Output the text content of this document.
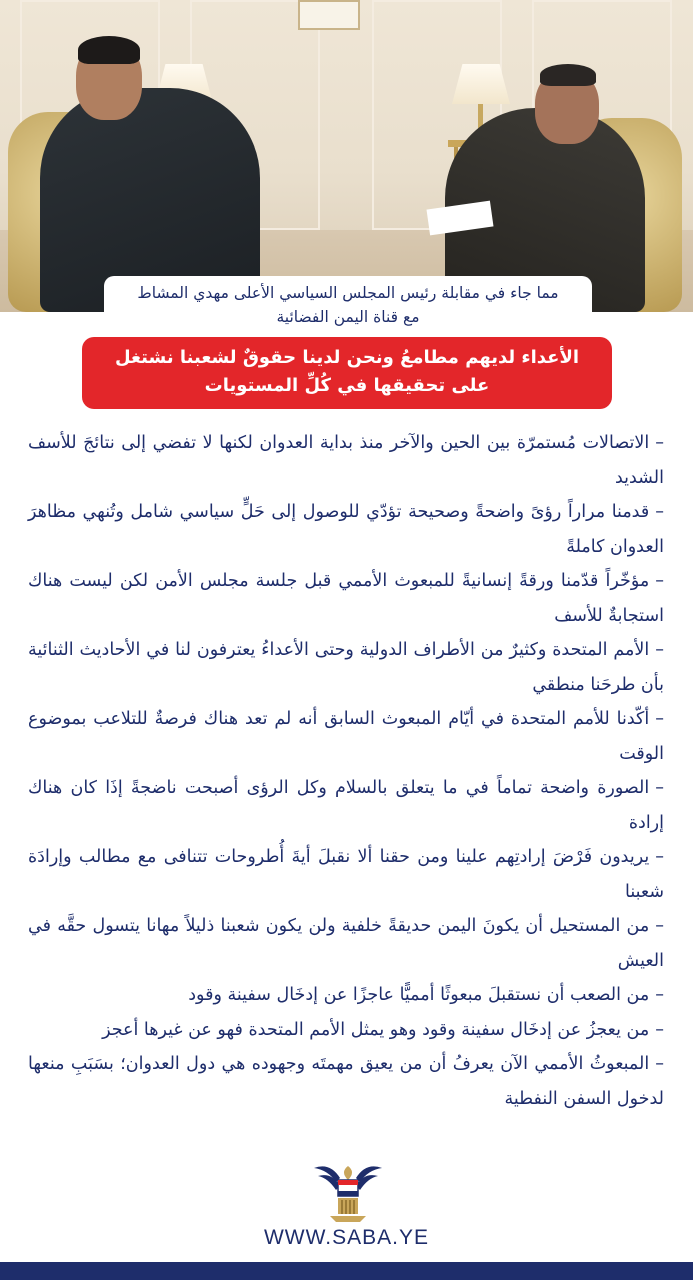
مما جاء في مقابلة رئيس المجلس السياسي الأعلى مهدي المشاط
مع قناة اليمن الفضائية
الأعداء لديهم مطامعُ ونحن لدينا حقوقٌ لشعبنا نشتغل
على تحقيقها في كُلِّ المستويات
–الاتصالات مُستمرّة بين الحين والآخر منذ بداية العدوان لكنها لا تفضي إلى نتائجَ للأسف الشديد
–قدمنا مراراً رؤىً واضحةً وصحيحة تؤدّي للوصول إلى حَلٍّ سياسي شامل وتُنهي مظاهرَ العدوان كاملةً
–مؤخّراً قدّمنا ورقةً إنسانيةً للمبعوث الأممي قبل جلسة مجلس الأمن لكن ليست هناك استجابةٌ للأسف
–الأمم المتحدة وكثيرٌ من الأطراف الدولية وحتى الأعداءُ يعترفون لنا في الأحاديث الثنائية بأن طرحَنا منطقي
–أكّدنا للأمم المتحدة في أيّام المبعوث السابق أنه لم تعد هناك فرصةٌ للتلاعب بموضوع الوقت
–الصورة واضحة تماماً في ما يتعلق بالسلام وكل الرؤى أصبحت ناضجةً إذَا كان هناك إرادة
–يريدون فَرْضَ إرادتِهم علينا ومن حقنا ألا نقبلَ أيةَ أُطروحات تتنافى مع مطالب وإرادَة شعبنا
–من المستحيل أن يكونَ اليمن حديقةً خلفية ولن يكون شعبنا ذليلاً مهانا يتسول حقَّه في العيش
–من الصعب أن نستقبلَ مبعوثًا أمميًّا عاجزًا عن إدخَال سفينة وقود
–من يعجزُ عن إدخَال سفينة وقود وهو يمثل الأمم المتحدة فهو عن غيرها أعجز
–المبعوثُ الأممي الآن يعرفُ أن من يعيق مهمتَه وجهوده هي دول العدوان؛ بسَبَبِ منعها لدخول السفن النفطية
WWW.SABA.YE
